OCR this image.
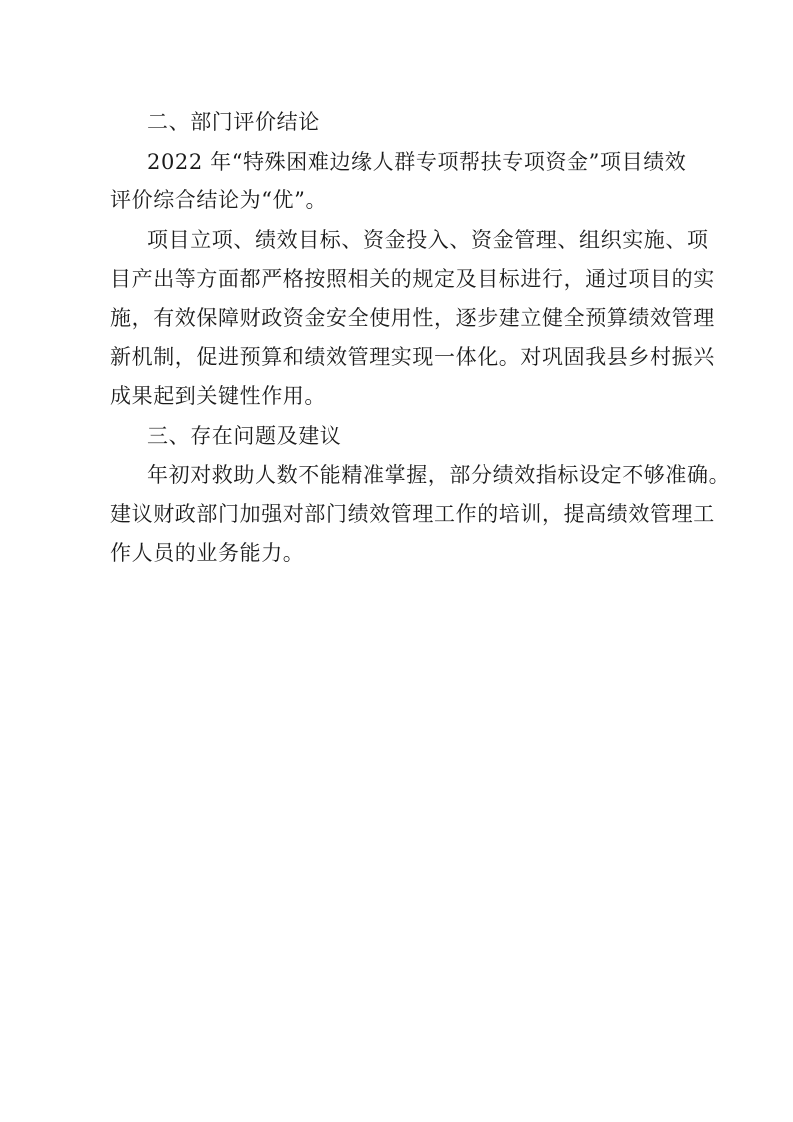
二、部门评价结论
2022 年“特殊困难边缘人群专项帮扶专项资金”项目绩效
评价综合结论为“优”。
项目立项、绩效目标、资金投入、资金管理、组织实施、项
目产出等方面都严格按照相关的规定及目标进行，通过项目的实
施，有效保障财政资金安全使用性，逐步建立健全预算绩效管理
新机制，促进预算和绩效管理实现一体化。对巩固我县乡村振兴
成果起到关键性作用。
三、存在问题及建议
年初对救助人数不能精准掌握，部分绩效指标设定不够准确。
建议财政部门加强对部门绩效管理工作的培训，提高绩效管理工
作人员的业务能力。
